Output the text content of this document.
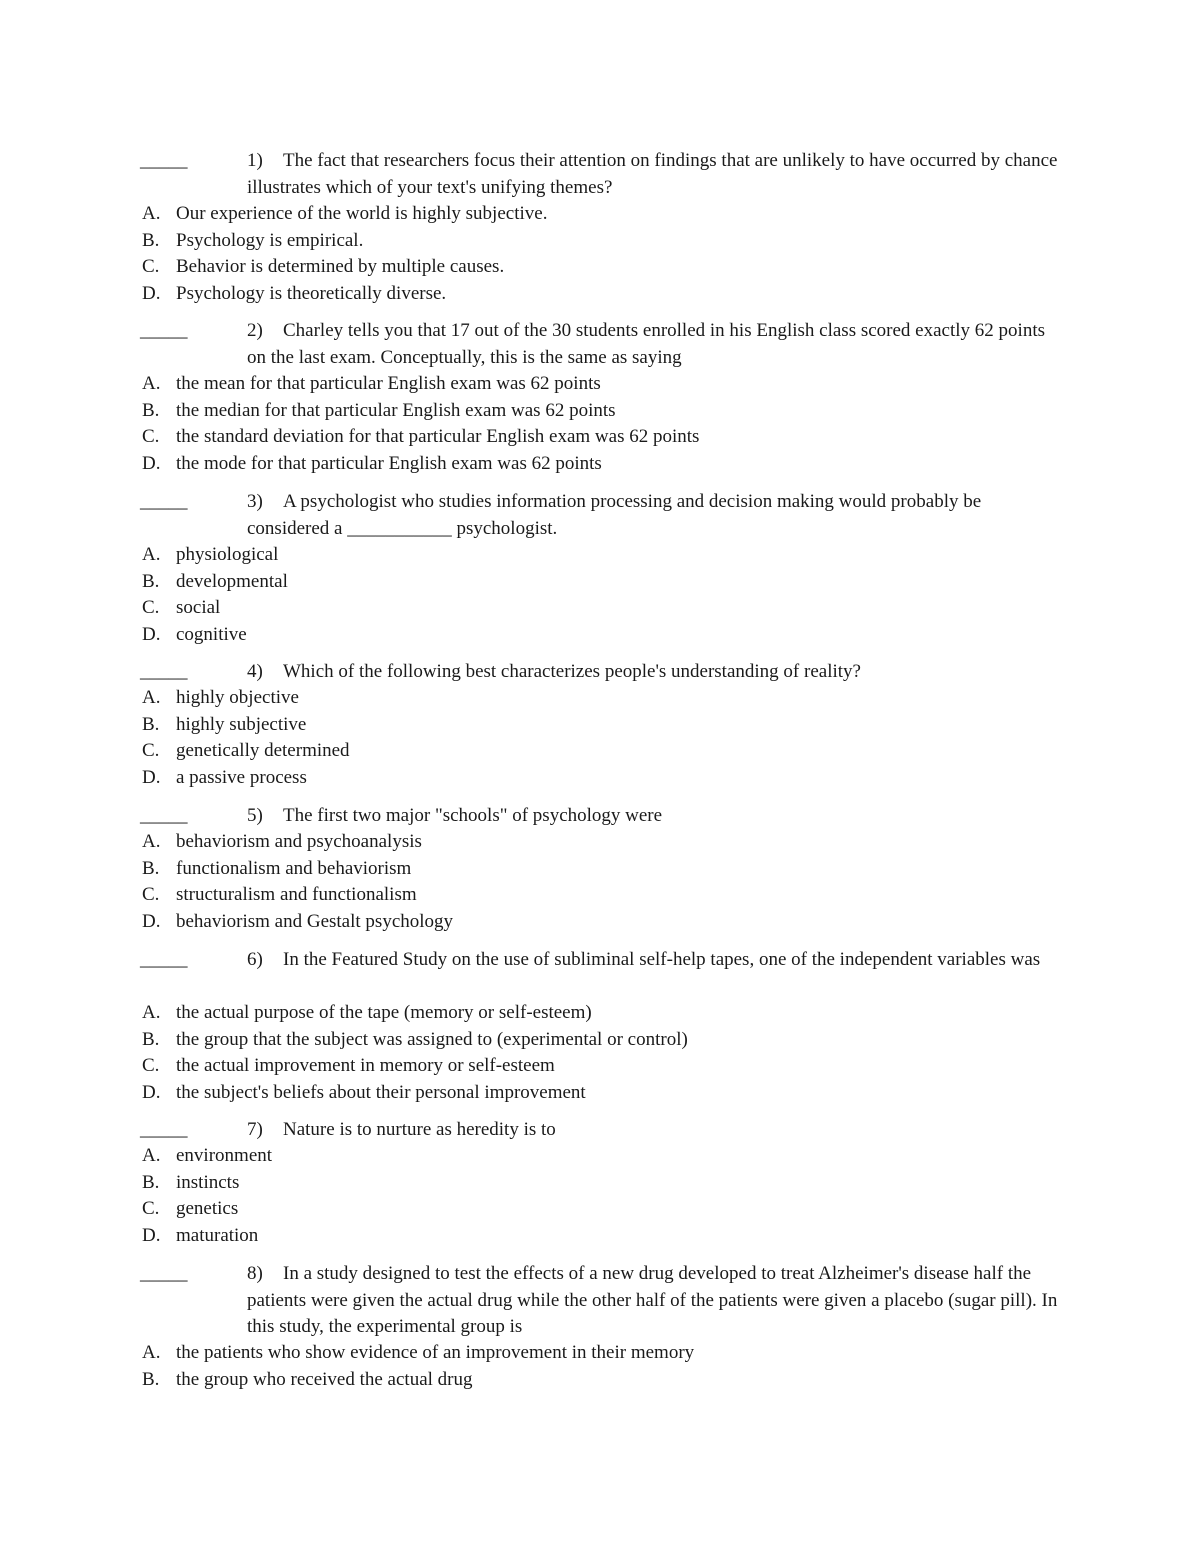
_____	1)	The fact that researchers focus their attention on findings that are unlikely to have occurred by chance illustrates which of your text's unifying themes?
A. Our experience of the world is highly subjective.
B. Psychology is empirical.
C. Behavior is determined by multiple causes.
D. Psychology is theoretically diverse.
_____	2)	Charley tells you that 17 out of the 30 students enrolled in his English class scored exactly 62 points on the last exam. Conceptually, this is the same as saying
A. the mean for that particular English exam was 62 points
B. the median for that particular English exam was 62 points
C. the standard deviation for that particular English exam was 62 points
D. the mode for that particular English exam was 62 points
_____	3)	A psychologist who studies information processing and decision making would probably be considered a ___________ psychologist.
A. physiological
B. developmental
C. social
D. cognitive
_____	4)	Which of the following best characterizes people's understanding of reality?
A. highly objective
B. highly subjective
C. genetically determined
D. a passive process
_____	5)	The first two major "schools" of psychology were
A. behaviorism and psychoanalysis
B. functionalism and behaviorism
C. structuralism and functionalism
D. behaviorism and Gestalt psychology
_____	6)	In the Featured Study on the use of subliminal self-help tapes, one of the independent variables was
A. the actual purpose of the tape (memory or self-esteem)
B. the group that the subject was assigned to (experimental or control)
C. the actual improvement in memory or self-esteem
D. the subject's beliefs about their personal improvement
_____	7)	Nature is to nurture as heredity is to
A. environment
B. instincts
C. genetics
D. maturation
_____	8)	In a study designed to test the effects of a new drug developed to treat Alzheimer's disease half the patients were given the actual drug while the other half of the patients were given a placebo (sugar pill). In this study, the experimental group is
A. the patients who show evidence of an improvement in their memory
B. the group who received the actual drug
